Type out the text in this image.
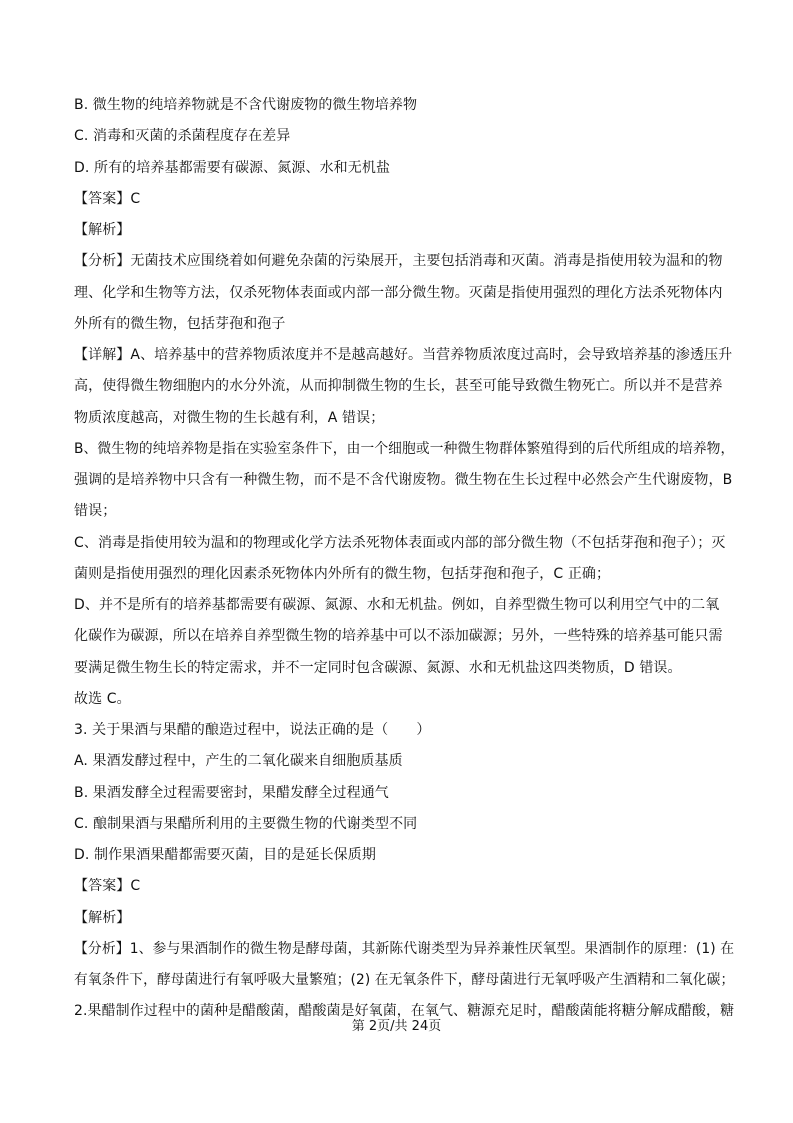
B. 微生物的纯培养物就是不含代谢废物的微生物培养物
C. 消毒和灭菌的杀菌程度存在差异
D. 所有的培养基都需要有碳源、氮源、水和无机盐
【答案】C
【解析】
【分析】无菌技术应围绕着如何避免杂菌的污染展开，主要包括消毒和灭菌。消毒是指使用较为温和的物
理、化学和生物等方法，仅杀死物体表面或内部一部分微生物。灭菌是指使用强烈的理化方法杀死物体内
外所有的微生物，包括芽孢和孢子
【详解】A、培养基中的营养物质浓度并不是越高越好。当营养物质浓度过高时，会导致培养基的渗透压升
高，使得微生物细胞内的水分外流，从而抑制微生物的生长，甚至可能导致微生物死亡。所以并不是营养
物质浓度越高，对微生物的生长越有利，A 错误；
B、微生物的纯培养物是指在实验室条件下，由一个细胞或一种微生物群体繁殖得到的后代所组成的培养物，
强调的是培养物中只含有一种微生物，而不是不含代谢废物。微生物在生长过程中必然会产生代谢废物，B
错误；
C、消毒是指使用较为温和的物理或化学方法杀死物体表面或内部的部分微生物（不包括芽孢和孢子）；灭
菌则是指使用强烈的理化因素杀死物体内外所有的微生物，包括芽孢和孢子，C 正确；
D、并不是所有的培养基都需要有碳源、氮源、水和无机盐。例如，自养型微生物可以利用空气中的二氧
化碳作为碳源，所以在培养自养型微生物的培养基中可以不添加碳源；另外，一些特殊的培养基可能只需
要满足微生物生长的特定需求，并不一定同时包含碳源、氮源、水和无机盐这四类物质，D 错误。
故选 C。
3. 关于果酒与果醋的酿造过程中，说法正确的是（　　）
A. 果酒发酵过程中，产生的二氧化碳来自细胞质基质
B. 果酒发酵全过程需要密封，果醋发酵全过程通气
C. 酿制果酒与果醋所利用的主要微生物的代谢类型不同
D. 制作果酒果醋都需要灭菌，目的是延长保质期
【答案】C
【解析】
【分析】1、参与果酒制作的微生物是酵母菌，其新陈代谢类型为异养兼性厌氧型。果酒制作的原理：(1) 在
有氧条件下，酵母菌进行有氧呼吸大量繁殖；(2) 在无氧条件下，酵母菌进行无氧呼吸产生酒精和二氧化碳；
2.果醋制作过程中的菌种是醋酸菌，醋酸菌是好氧菌，在氧气、糖源充足时，醋酸菌能将糖分解成醋酸，糖
第 2页/共 24页
